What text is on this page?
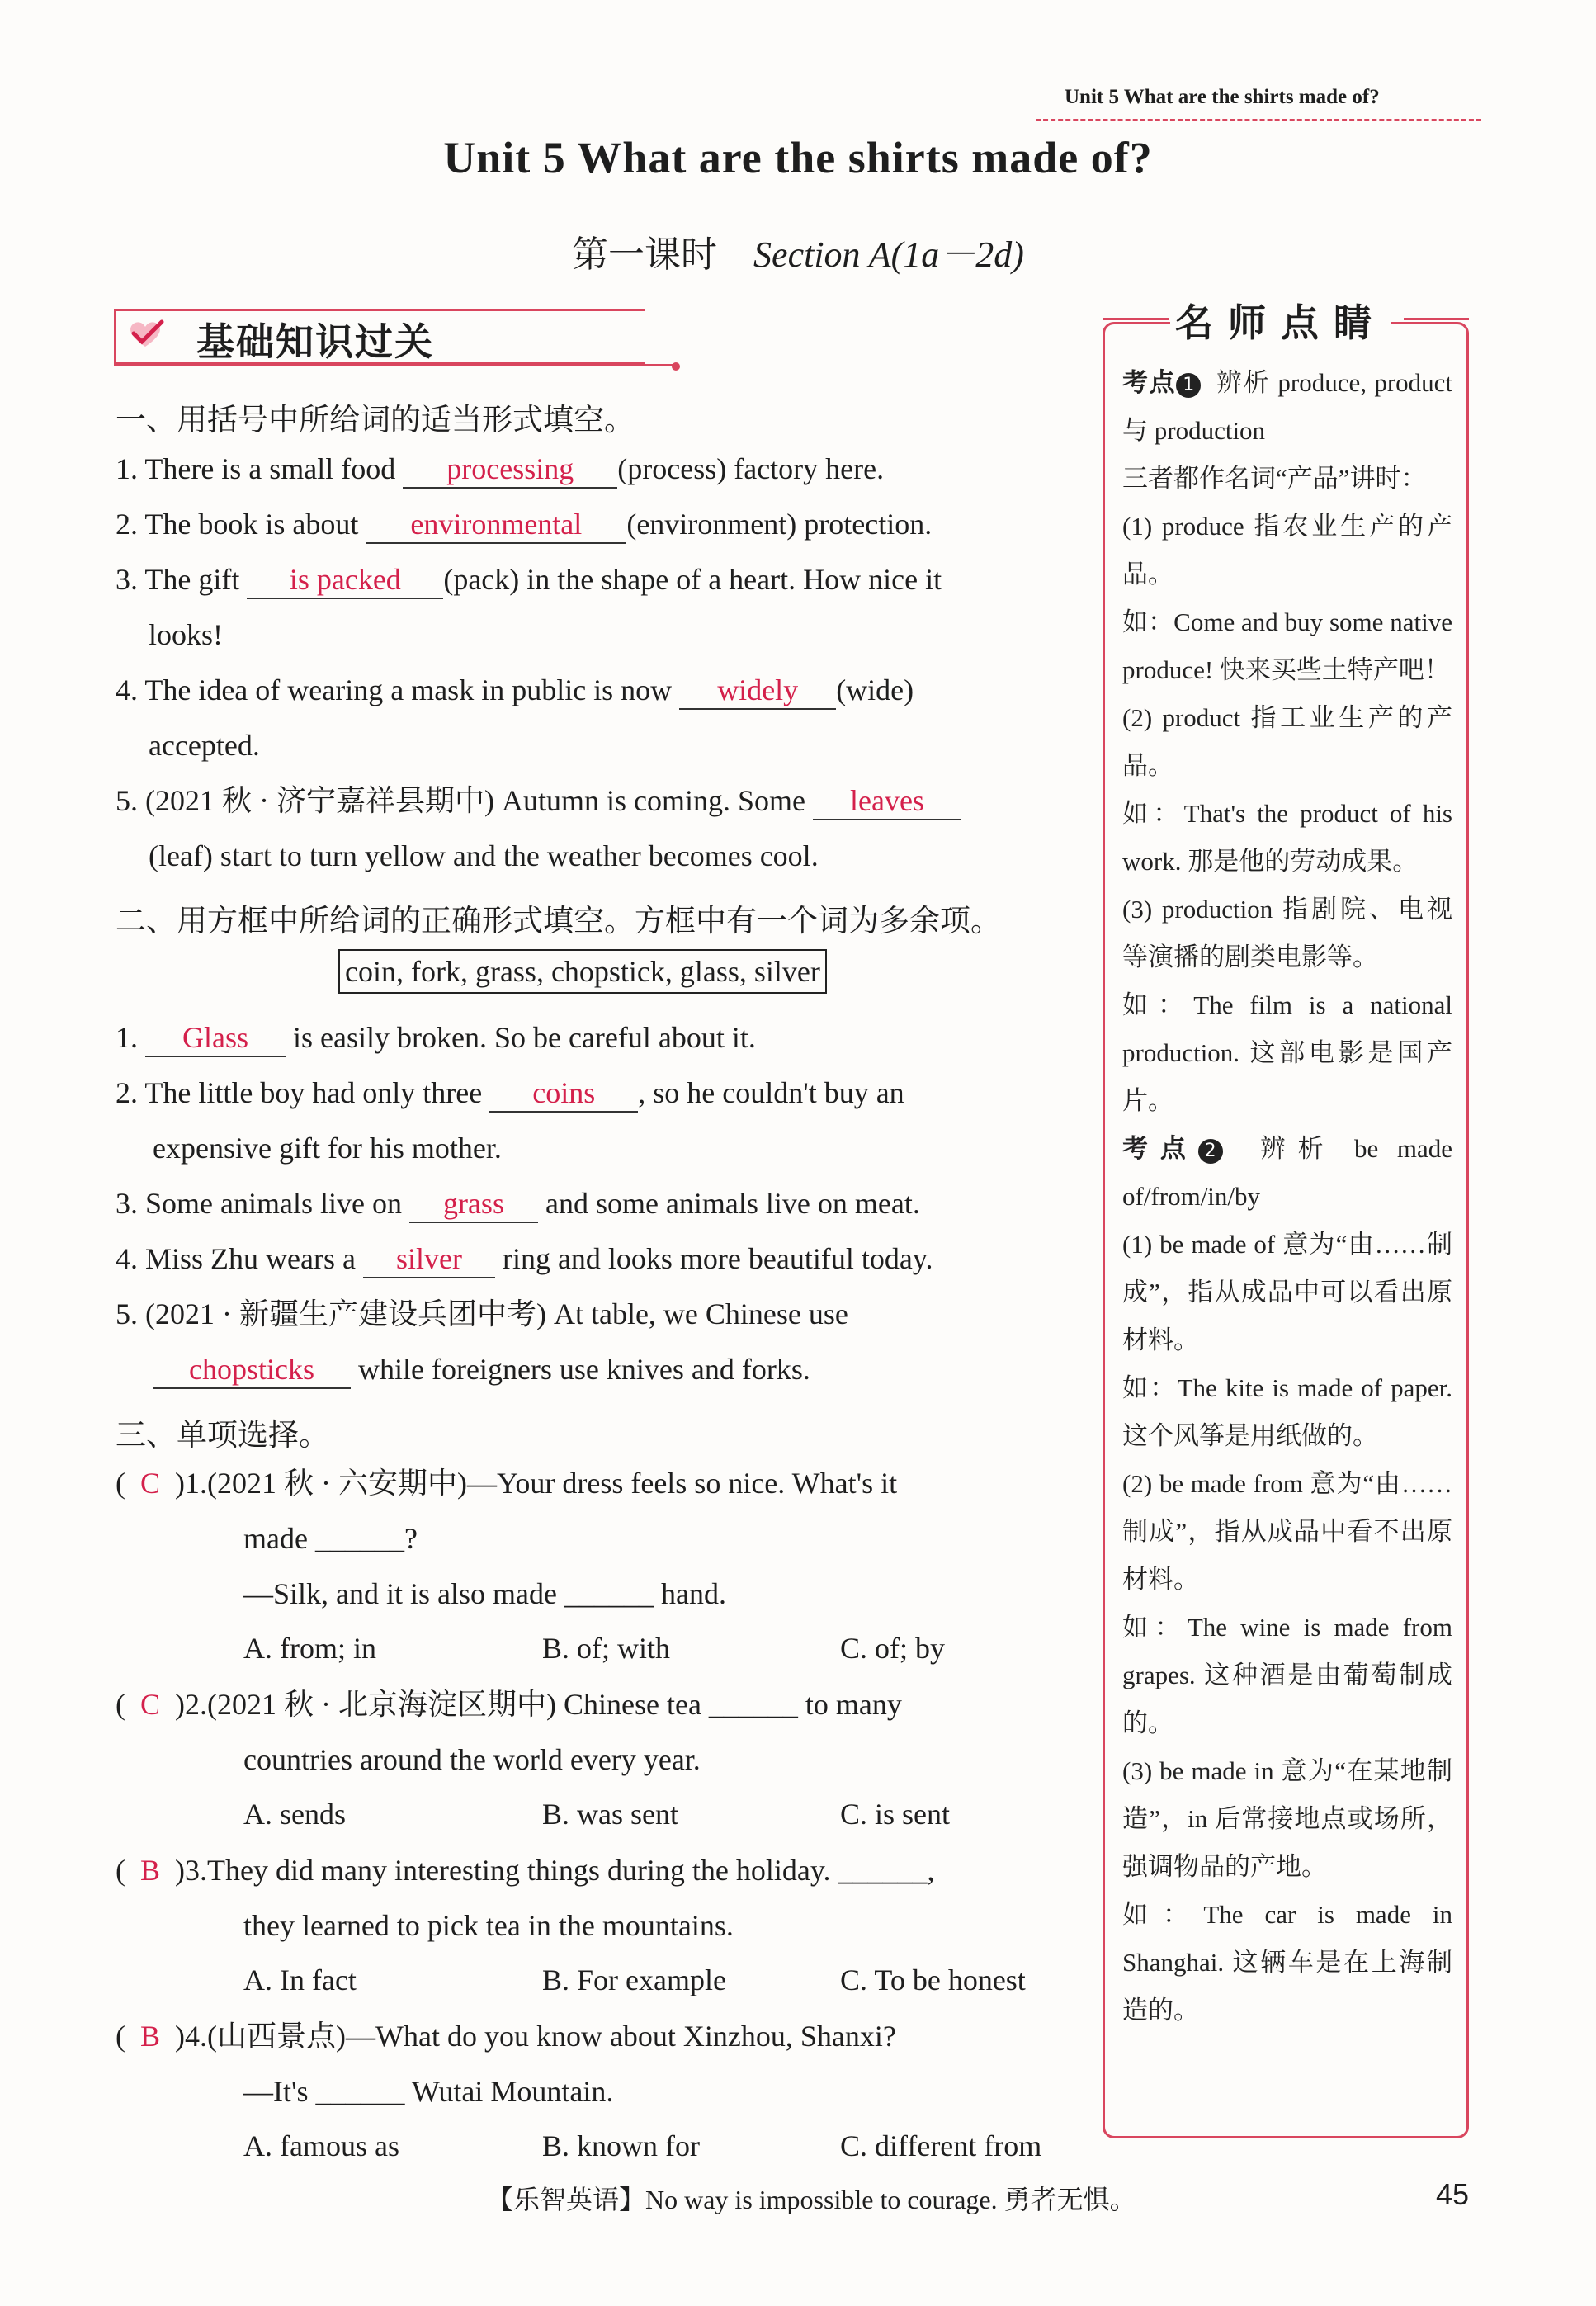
Unit 5 What are the shirts made of?
Unit 5 What are the shirts made of?
第一课时 Section A(1a－2d)
基础知识过关
一、用括号中所给词的适当形式填空。
1. There is a small food processing (process) factory here.
2. The book is about environmental (environment) protection.
3. The gift is packed (pack) in the shape of a heart. How nice it
looks!
4. The idea of wearing a mask in public is now widely (wide)
accepted.
5. (2021 秋 · 济宁嘉祥县期中) Autumn is coming. Some leaves
(leaf) start to turn yellow and the weather becomes cool.
二、用方框中所给词的正确形式填空。方框中有一个词为多余项。
coin, fork, grass, chopstick, glass, silver
1. Glass is easily broken. So be careful about it.
2. The little boy had only three coins , so he couldn't buy an
expensive gift for his mother.
3. Some animals live on grass and some animals live on meat.
4. Miss Zhu wears a silver ring and looks more beautiful today.
5. (2021 · 新疆生产建设兵团中考) At table, we Chinese use
chopsticks while foreigners use knives and forks.
三、单项选择。
(  C  )1.(2021 秋 · 六安期中)—Your dress feels so nice. What's it
made ______?
—Silk, and it is also made ______ hand.
A. from; in	B. of; with	C. of; by
(  C  )2.(2021 秋 · 北京海淀区期中) Chinese tea ______ to many
countries around the world every year.
A. sends	B. was sent	C. is sent
(  B  )3.They did many interesting things during the holiday. ______,
they learned to pick tea in the mountains.
A. In fact	B. For example	C. To be honest
(  B  )4.(山西景点)—What do you know about Xinzhou, Shanxi?
—It's ______ Wutai Mountain.
A. famous as	B. known for	C. different from
名师点睛
考点 1 辨析 produce, product 与 production
三者都作名词“产品”讲时：
(1) produce 指农业生产的产品。
如：Come and buy some native produce! 快来买些土特产吧！
(2) product 指工业生产的产品。
如：That's the product of his work. 那是他的劳动成果。
(3) production 指剧院、电视等演播的剧类电影等。
如：The film is a national production. 这部电影是国产片。
考点 2 辨析 be made of/from/in/by
(1) be made of 意为“由……制成”，指从成品中可以看出原材料。
如：The kite is made of paper. 这个风筝是用纸做的。
(2) be made from 意为“由……制成”，指从成品中看不出原材料。
如：The wine is made from grapes. 这种酒是由葡萄制成的。
(3) be made in 意为“在某地制造”，in 后常接地点或场所，强调物品的产地。
如：The car is made in Shanghai. 这辆车是在上海制造的。
【乐智英语】No way is impossible to courage. 勇者无惧。	45
